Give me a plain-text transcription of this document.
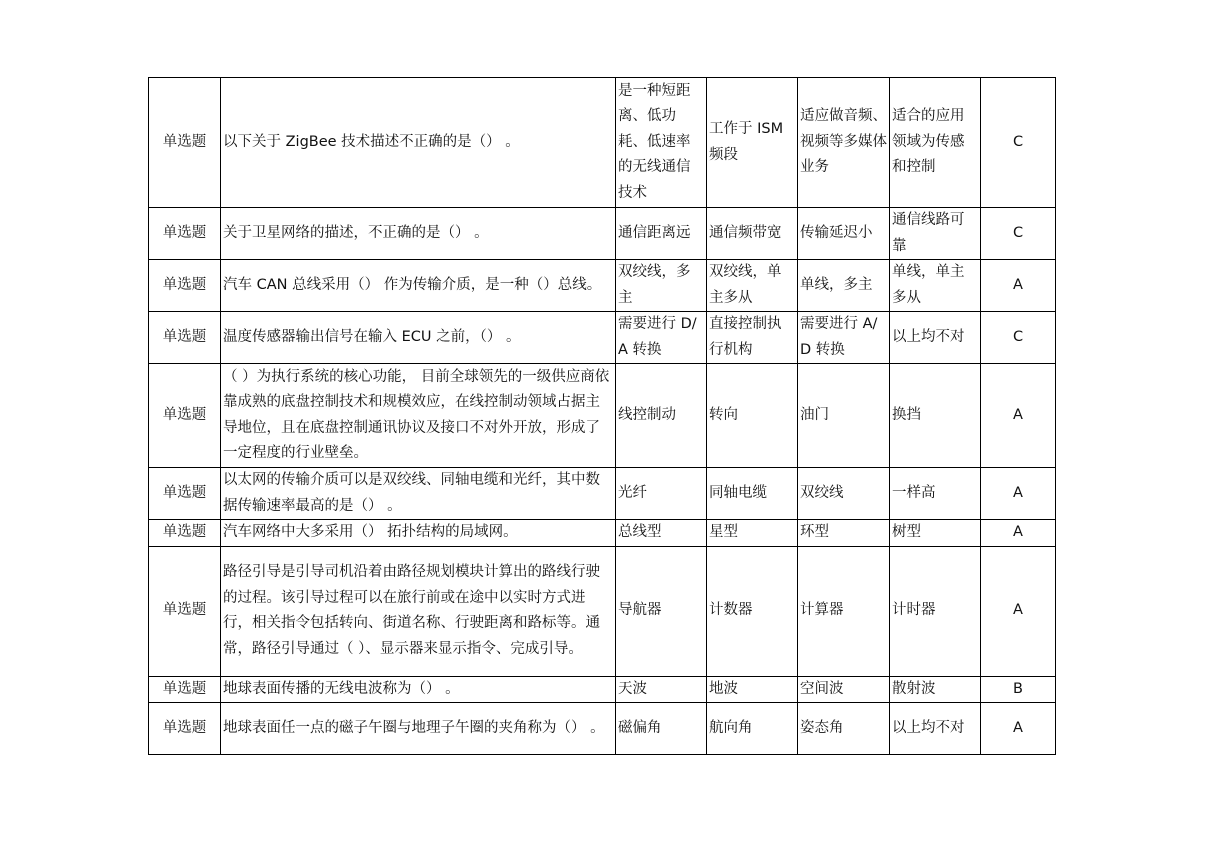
单选题	以下关于 ZigBee 技术描述不正确的是（） 。	是一种短距离、低功耗、低速率的无线通信技术	工作于 ISM 频段	适应做音频、视频等多媒体业务	适合的应用领域为传感和控制	C
单选题	关于卫星网络的描述，不正确的是（） 。	通信距离远	通信频带宽	传输延迟小	通信线路可靠	C
单选题	汽车 CAN 总线采用（） 作为传输介质，是一种（）总线。	双绞线，多主	双绞线，单主多从	单线，多主	单线，单主多从	A
单选题	温度传感器输出信号在输入 ECU 之前，（） 。	需要进行 D/A 转换	直接控制执行机构	需要进行 A/D 转换	以上均不对	C
单选题	（ ）为执行系统的核心功能， 目前全球领先的一级供应商依靠成熟的底盘控制技术和规模效应，在线控制动领域占据主导地位，且在底盘控制通讯协议及接口不对外开放，形成了一定程度的行业壁垒。	线控制动	转向	油门	换挡	A
单选题	以太网的传输介质可以是双绞线、同轴电缆和光纤，其中数据传输速率最高的是（） 。	光纤	同轴电缆	双绞线	一样高	A
单选题	汽车网络中大多采用（） 拓扑结构的局域网。	总线型	星型	环型	树型	A
单选题	路径引导是引导司机沿着由路径规划模块计算出的路线行驶的过程。该引导过程可以在旅行前或在途中以实时方式进行，相关指令包括转向、街道名称、行驶距离和路标等。通常，路径引导通过（ ）、显示器来显示指令、完成引导。	导航器	计数器	计算器	计时器	A
单选题	地球表面传播的无线电波称为（） 。	天波	地波	空间波	散射波	B
单选题	地球表面任一点的磁子午圈与地理子午圈的夹角称为（） 。	磁偏角	航向角	姿态角	以上均不对	A
